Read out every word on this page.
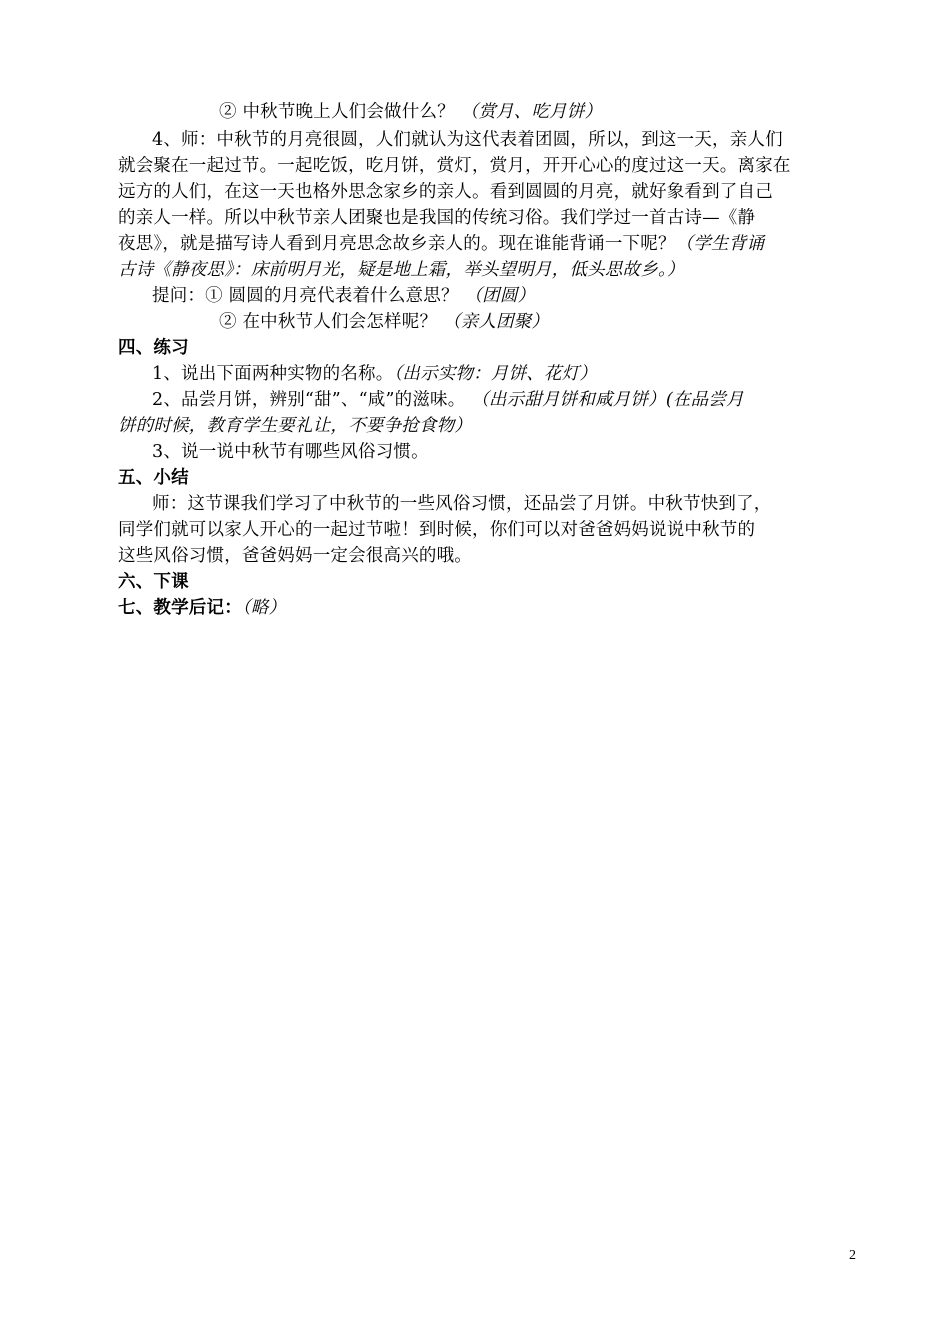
② 中秋节晚上人们会做什么？ （赏月、吃月饼）
4、师：中秋节的月亮很圆，人们就认为这代表着团圆，所以，到这一天，亲人们
就会聚在一起过节。一起吃饭，吃月饼，赏灯，赏月，开开心心的度过这一天。离家在
远方的人们，在这一天也格外思念家乡的亲人。看到圆圆的月亮，就好象看到了自己
的亲人一样。所以中秋节亲人团聚也是我国的传统习俗。我们学过一首古诗—《静
夜思》，就是描写诗人看到月亮思念故乡亲人的。现在谁能背诵一下呢？（学生背诵
古诗《静夜思》：床前明月光，疑是地上霜，举头望明月，低头思故乡。）
提问：① 圆圆的月亮代表着什么意思？ （团圆）
② 在中秋节人们会怎样呢？ （亲人团聚）
四、练习
1、说出下面两种实物的名称。（出示实物：月饼、花灯）
2、品尝月饼，辨别“甜”、“咸”的滋味。 （出示甜月饼和咸月饼）(在品尝月
饼的时候，教育学生要礼让，不要争抢食物）
3、说一说中秋节有哪些风俗习惯。
五、小结
师：这节课我们学习了中秋节的一些风俗习惯，还品尝了月饼。中秋节快到了，
同学们就可以家人开心的一起过节啦！到时候，你们可以对爸爸妈妈说说中秋节的
这些风俗习惯，爸爸妈妈一定会很高兴的哦。
六、下课
七、教学后记：（略）
2
